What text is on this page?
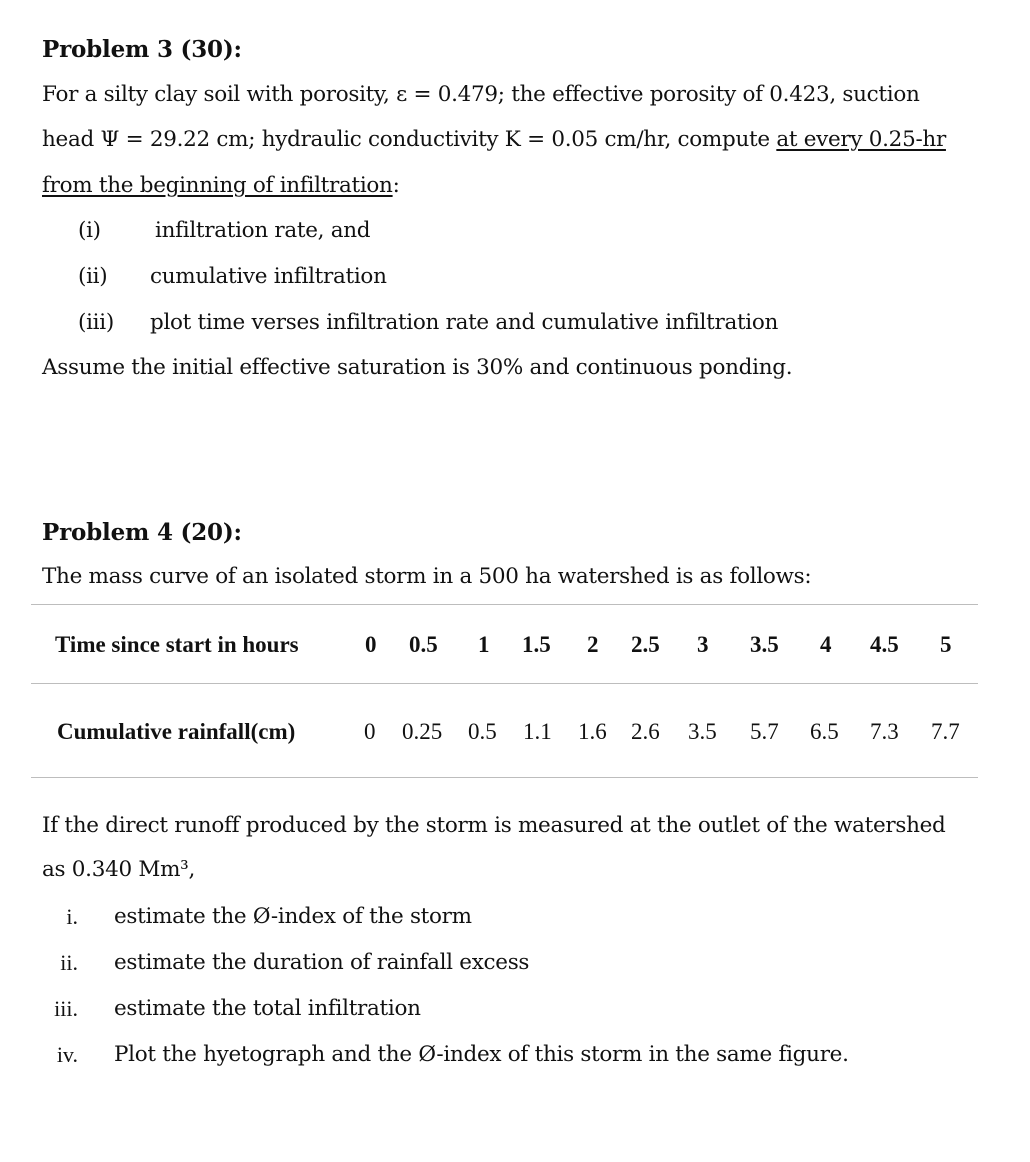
Problem 3 (30):
For a silty clay soil with porosity, ε = 0.479; the effective porosity of 0.423, suction
head Ψ = 29.22 cm; hydraulic conductivity K = 0.05 cm/hr, compute at every 0.25-hr
from the beginning of infiltration:
(i)	infiltration rate, and
(ii) cumulative infiltration
(iii) plot time verses infiltration rate and cumulative infiltration
Assume the initial effective saturation is 30% and continuous ponding.
Problem 4 (20):
The mass curve of an isolated storm in a 500 ha watershed is as follows:
Time since start in hours	0 0.5 1 1.5 2 2.5 3 3.5 4 4.5 5
Cumulative rainfall(cm)	0 0.25 0.5 1.1 1.6 2.6 3.5 5.7 6.5 7.3 7.7
If the direct runoff produced by the storm is measured at the outlet of the watershed
as 0.340 Mm³,
i. estimate the Ø-index of the storm
ii. estimate the duration of rainfall excess
iii. estimate the total infiltration
iv. Plot the hyetograph and the Ø-index of this storm in the same figure.
